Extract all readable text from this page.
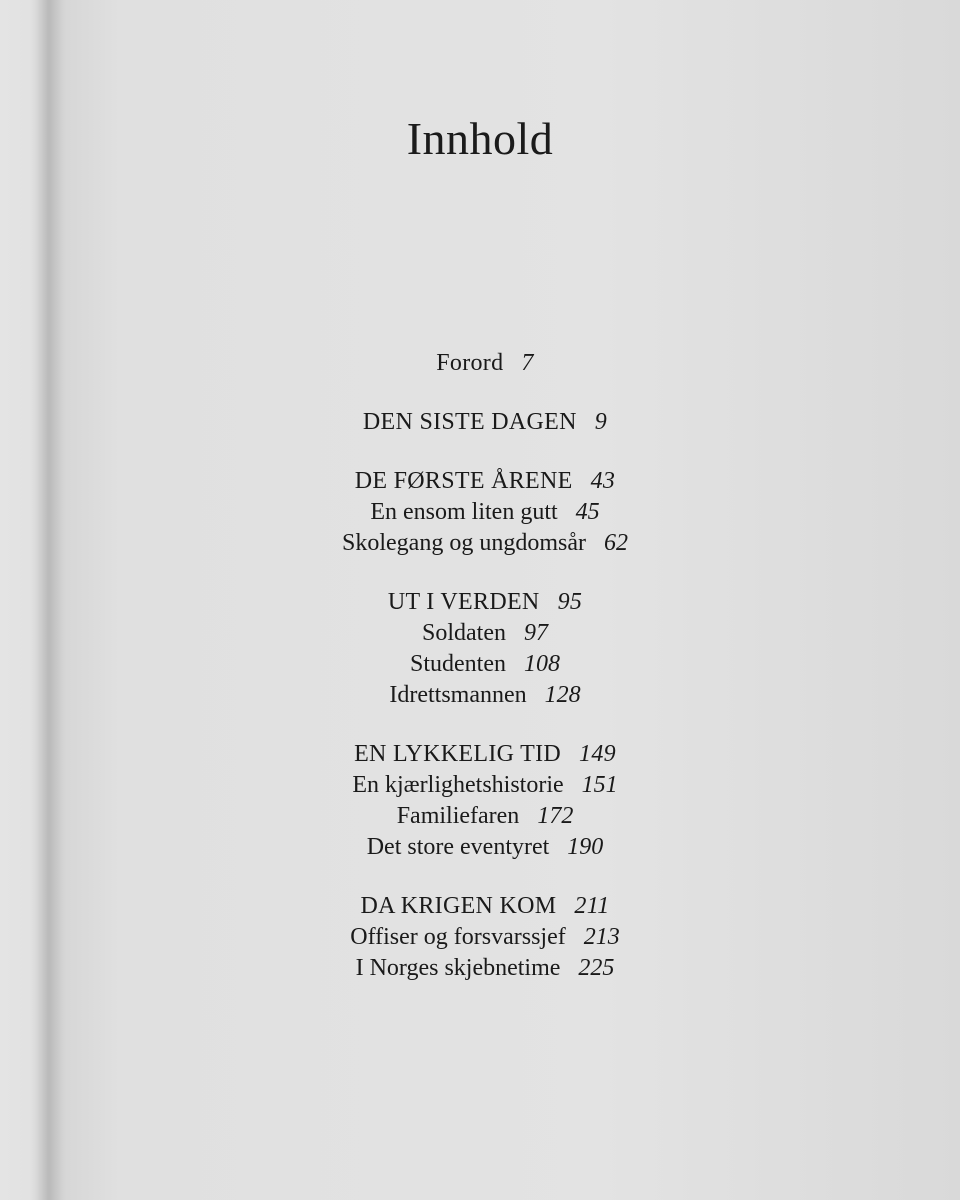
Innhold
Forord 7
DEN SISTE DAGEN 9
DE FØRSTE ÅRENE 43
En ensom liten gutt 45
Skolegang og ungdomsår 62
UT I VERDEN 95
Soldaten 97
Studenten 108
Idrettsmannen 128
EN LYKKELIG TID 149
En kjærlighetshistorie 151
Familiefaren 172
Det store eventyret 190
DA KRIGEN KOM 211
Offiser og forsvarssjef 213
I Norges skjebnetime 225
